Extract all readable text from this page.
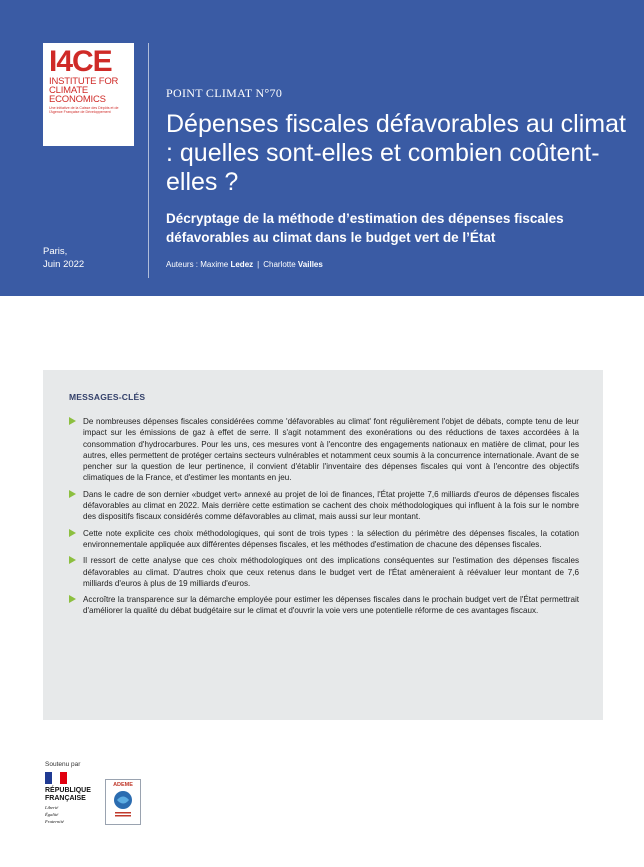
I4CE
INSTITUTE FOR
CLIMATE
ECONOMICS
Une initiative de la Caisse des Dépôts et de l'Agence Française de Développement
Paris,
Juin 2022
POINT CLIMAT N°70
Dépenses fiscales défavorables au climat : quelles sont-elles et combien coûtent-elles ?
Décryptage de la méthode d’estimation des dépenses fiscales défavorables au climat dans le budget vert de l’État
Auteurs : Maxime Ledez | Charlotte Vailles
MESSAGES-CLÉS
De nombreuses dépenses fiscales considérées comme 'défavorables au climat' font régulièrement l'objet de débats, compte tenu de leur impact sur les émissions de gaz à effet de serre. Il s'agit notamment des exonérations ou des réductions de taxes accordées à la consommation d'hydrocarbures. Pour les uns, ces mesures vont à l'encontre des engagements nationaux en matière de climat, pour les autres, elles permettent de protéger certains secteurs vulnérables et notamment ceux soumis à la concurrence internationale. Avant de se pencher sur la question de leur pertinence, il convient d'établir l'inventaire des dépenses fiscales qui vont à l'encontre des objectifs climatiques de la France, et d'estimer les montants en jeu.
Dans le cadre de son dernier «budget vert» annexé au projet de loi de finances, l'État projette 7,6 milliards d'euros de dépenses fiscales défavorables au climat en 2022. Mais derrière cette estimation se cachent des choix méthodologiques qui influent à la fois sur le nombre des dispositifs fiscaux considérés comme défavorables au climat, mais aussi sur leur montant.
Cette note explicite ces choix méthodologiques, qui sont de trois types : la sélection du périmètre des dépenses fiscales, la cotation environnementale appliquée aux différentes dépenses fiscales, et les méthodes d'estimation de chacune des dépenses fiscales.
Il ressort de cette analyse que ces choix méthodologiques ont des implications conséquentes sur l'estimation des dépenses fiscales défavorables au climat. D'autres choix que ceux retenus dans le budget vert de l'État amèneraient à réévaluer leur montant de 7,6 milliards d'euros à plus de 19 milliards d'euros.
Accroître la transparence sur la démarche employée pour estimer les dépenses fiscales dans le prochain budget vert de l'État permettrait d'améliorer la qualité du débat budgétaire sur le climat et d'ouvrir la voie vers une potentielle réforme de ces avantages fiscaux.
Soutenu par
RÉPUBLIQUE
FRANÇAISE
Liberté
Égalité
Fraternité
ADEME
